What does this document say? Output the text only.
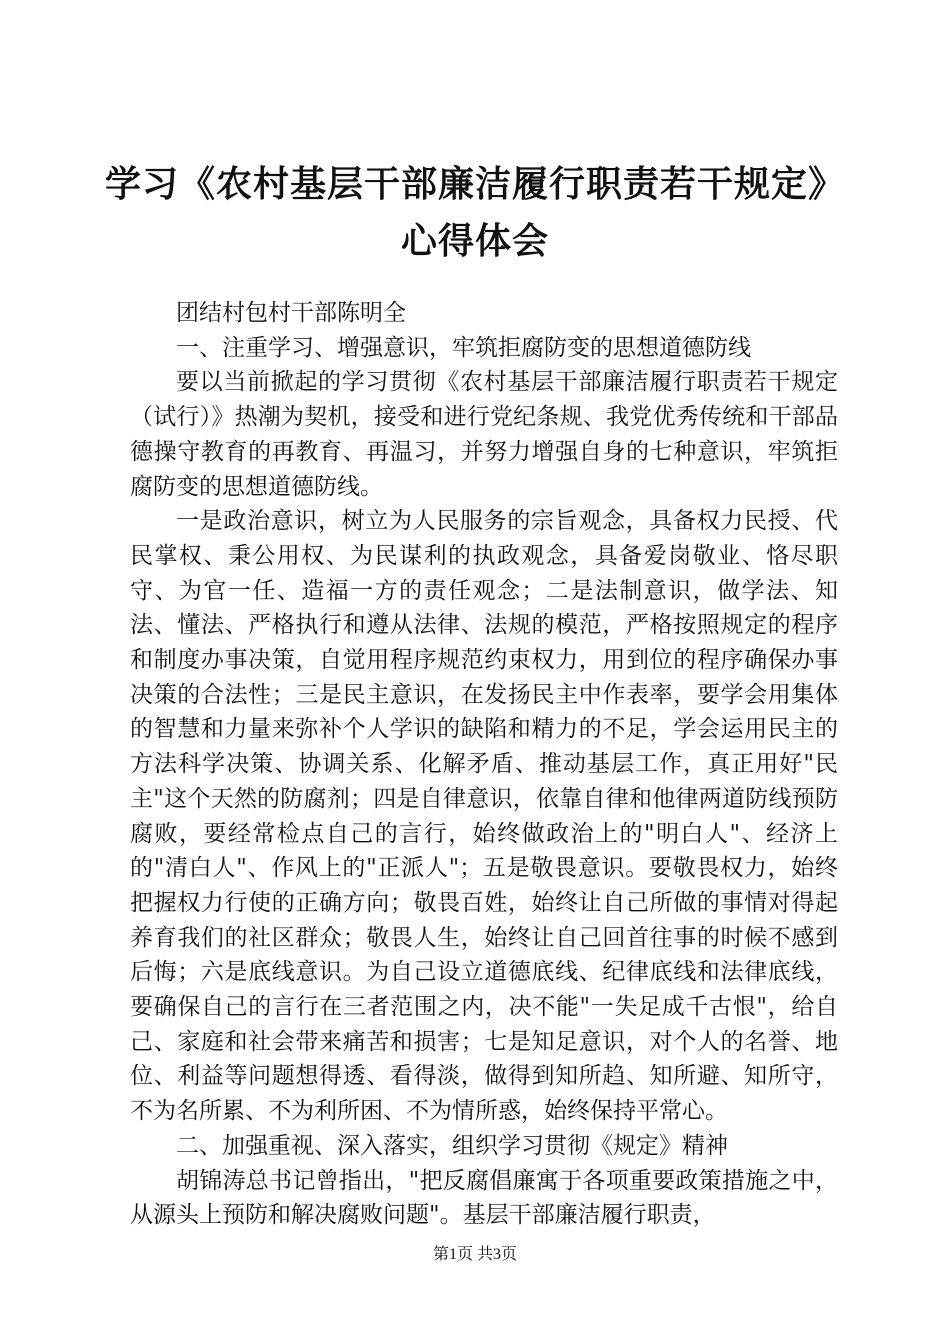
学习《农村基层干部廉洁履行职责若干规定》
心得体会

团结村包村干部陈明全

一、注重学习、增强意识，牢筑拒腐防变的思想道德防线

要以当前掀起的学习贯彻《农村基层干部廉洁履行职责若干规定（试行）》热潮为契机，接受和进行党纪条规、我党优秀传统和干部品德操守教育的再教育、再温习，并努力增强自身的七种意识，牢筑拒腐防变的思想道德防线。

一是政治意识，树立为人民服务的宗旨观念，具备权力民授、代民掌权、秉公用权、为民谋利的执政观念，具备爱岗敬业、恪尽职守、为官一任、造福一方的责任观念；二是法制意识，做学法、知法、懂法、严格执行和遵从法律、法规的模范，严格按照规定的程序和制度办事决策，自觉用程序规范约束权力，用到位的程序确保办事决策的合法性；三是民主意识，在发扬民主中作表率，要学会用集体的智慧和力量来弥补个人学识的缺陷和精力的不足，学会运用民主的方法科学决策、协调关系、化解矛盾、推动基层工作，真正用好"民主"这个天然的防腐剂；四是自律意识，依靠自律和他律两道防线预防腐败，要经常检点自己的言行，始终做政治上的"明白人"、经济上的"清白人"、作风上的"正派人"；五是敬畏意识。要敬畏权力，始终把握权力行使的正确方向；敬畏百姓，始终让自己所做的事情对得起养育我们的社区群众；敬畏人生，始终让自己回首往事的时候不感到后悔；六是底线意识。为自己设立道德底线、纪律底线和法律底线，要确保自己的言行在三者范围之内，决不能"一失足成千古恨"，给自己、家庭和社会带来痛苦和损害；七是知足意识，对个人的名誉、地位、利益等问题想得透、看得淡，做得到知所趋、知所避、知所守，不为名所累、不为利所困、不为情所惑，始终保持平常心。

二、加强重视、深入落实，组织学习贯彻《规定》精神

胡锦涛总书记曾指出，"把反腐倡廉寓于各项重要政策措施之中，从源头上预防和解决腐败问题"。基层干部廉洁履行职责，

第1页 共3页
